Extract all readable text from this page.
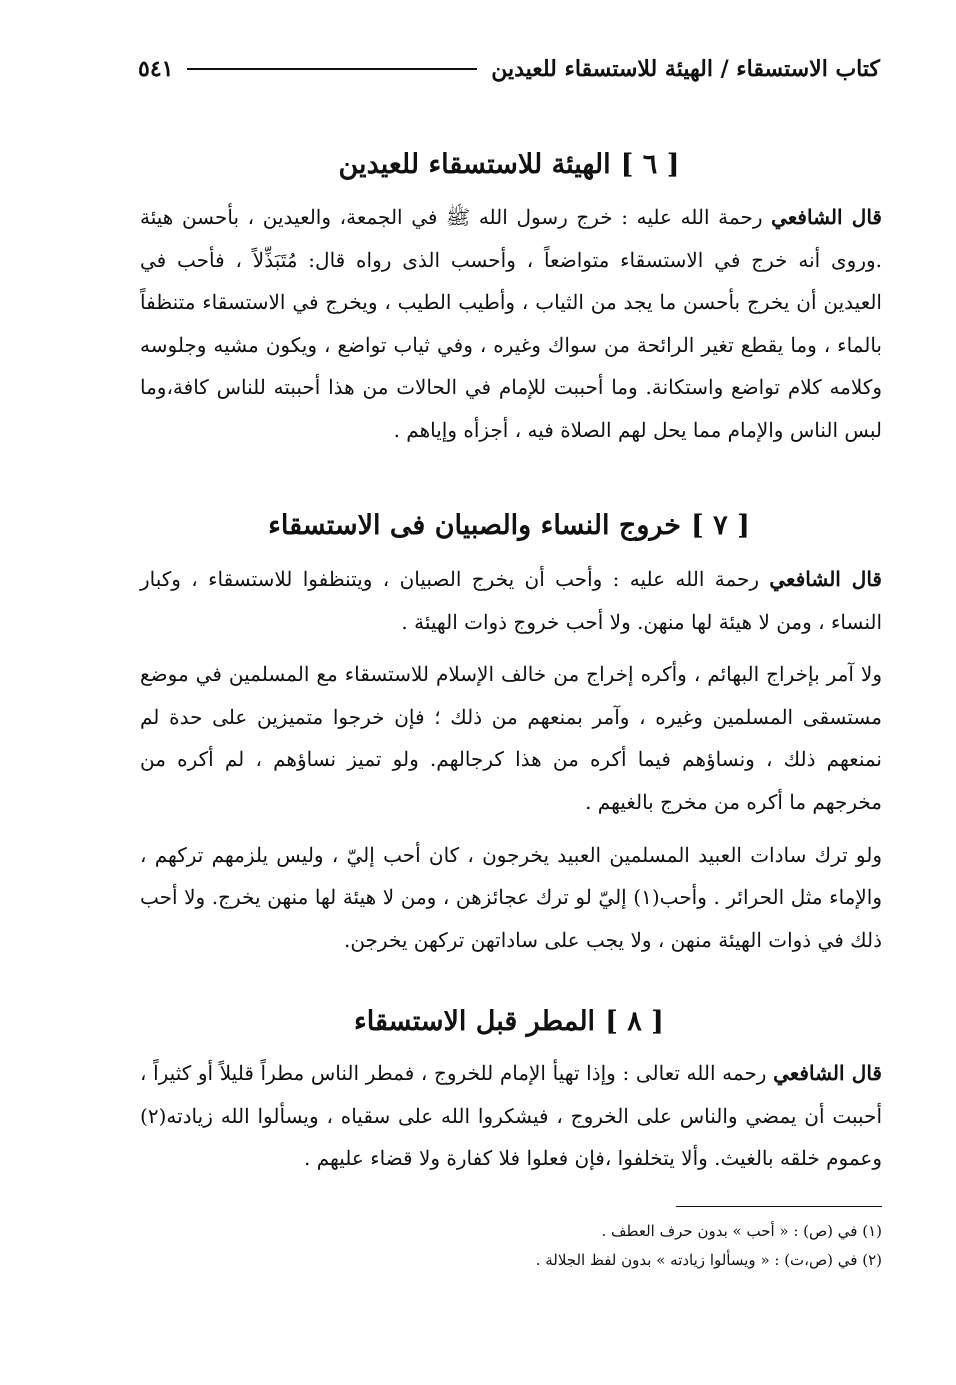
كتاب الاستسقاء / الهيئة للاستسقاء للعيدين
٥٤١
[ ٦ ]الهيئة للاستسقاء للعيدين

قال الشافعي رحمة الله عليه : خرج رسول الله ﷺ في الجمعة، والعيدين ، بأحسن هيئة .وروى أنه خرج في الاستسقاء متواضعاً ، وأحسب الذى رواه قال: مُتَبَذِّلاً ، فأحب في العيدين أن يخرج بأحسن ما يجد من الثياب ، وأطيب الطيب ، ويخرج في الاستسقاء متنظفاً بالماء ، وما يقطع تغير الرائحة من سواك وغيره ، وفي ثياب تواضع ، ويكون مشيه وجلوسه وكلامه كلام تواضع واستكانة. وما أحببت للإمام في الحالات من هذا أحببته للناس كافة،وما لبس الناس والإمام مما يحل لهم الصلاة فيه ، أجزأه وإياهم .

[ ٧ ]خروج النساء والصبيان فى الاستسقاء

قال الشافعي رحمة الله عليه : وأحب أن يخرج الصبيان ، ويتنظفوا للاستسقاء ، وكبار النساء ، ومن لا هيئة لها منهن. ولا أحب خروج ذوات الهيئة .

ولا آمر بإخراج البهائم ، وأكره إخراج من خالف الإسلام للاستسقاء مع المسلمين في موضع مستسقى المسلمين وغيره ، وآمر بمنعهم من ذلك ؛ فإن خرجوا متميزين على حدة لم نمنعهم ذلك ، ونساؤهم فيما أكره من هذا كرجالهم. ولو تميز نساؤهم ، لم أكره من مخرجهم ما أكره من مخرج بالغيهم .

ولو ترك سادات العبيد المسلمين العبيد يخرجون ، كان أحب إليّ ، وليس يلزمهم تركهم ، والإماء مثل الحرائر . وأحب(١) إليّ لو ترك عجائزهن ، ومن لا هيئة لها منهن يخرج. ولا أحب ذلك في ذوات الهيئة منهن ، ولا يجب على ساداتهن تركهن يخرجن.

[ ٨ ]المطر قبل الاستسقاء

قال الشافعي رحمه الله تعالى : وإذا تهيأ الإمام للخروج ، فمطر الناس مطراً قليلاً أو كثيراً ، أحببت أن يمضي والناس على الخروج ، فيشكروا الله على سقياه ، ويسألوا الله زيادته(٢) وعموم خلقه بالغيث. وألا يتخلفوا ،فإن فعلوا فلا كفارة ولا قضاء عليهم .

(١) في (ص) : « أحب » بدون حرف العطف .

(٢) في (ص،ت) : « ويسألوا زيادته » بدون لفظ الجلالة .
